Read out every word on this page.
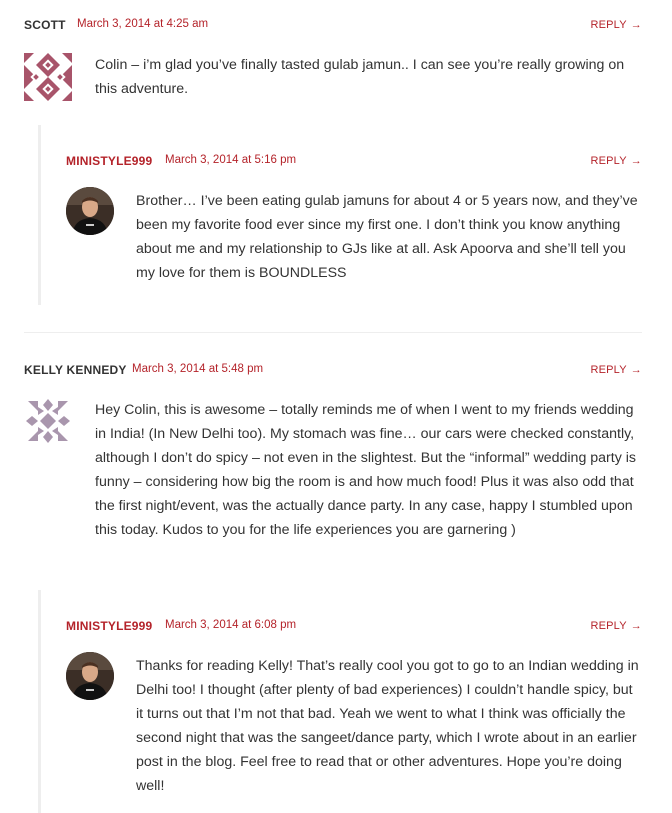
SCOTT March 3, 2014 at 4:25 am	REPLY →
Colin – i’m glad you’ve finally tasted gulab jamun.. I can see you’re really growing on this adventure.
MINISTYLE999 March 3, 2014 at 5:16 pm	REPLY →
Brother… I’ve been eating gulab jamuns for about 4 or 5 years now, and they’ve been my favorite food ever since my first one. I don’t think you know anything about me and my relationship to GJs like at all. Ask Apoorva and she’ll tell you my love for them is BOUNDLESS
KELLY KENNEDY March 3, 2014 at 5:48 pm	REPLY →
Hey Colin, this is awesome – totally reminds me of when I went to my friends wedding in India! (In New Delhi too). My stomach was fine… our cars were checked constantly, although I don’t do spicy – not even in the slightest. But the “informal” wedding party is funny – considering how big the room is and how much food! Plus it was also odd that the first night/event, was the actually dance party. In any case, happy I stumbled upon this today. Kudos to you for the life experiences you are garnering )
MINISTYLE999 March 3, 2014 at 6:08 pm	REPLY →
Thanks for reading Kelly! That’s really cool you got to go to an Indian wedding in Delhi too! I thought (after plenty of bad experiences) I couldn’t handle spicy, but it turns out that I’m not that bad. Yeah we went to what I think was officially the second night that was the sangeet/dance party, which I wrote about in an earlier post in the blog. Feel free to read that or other adventures. Hope you’re doing well!
